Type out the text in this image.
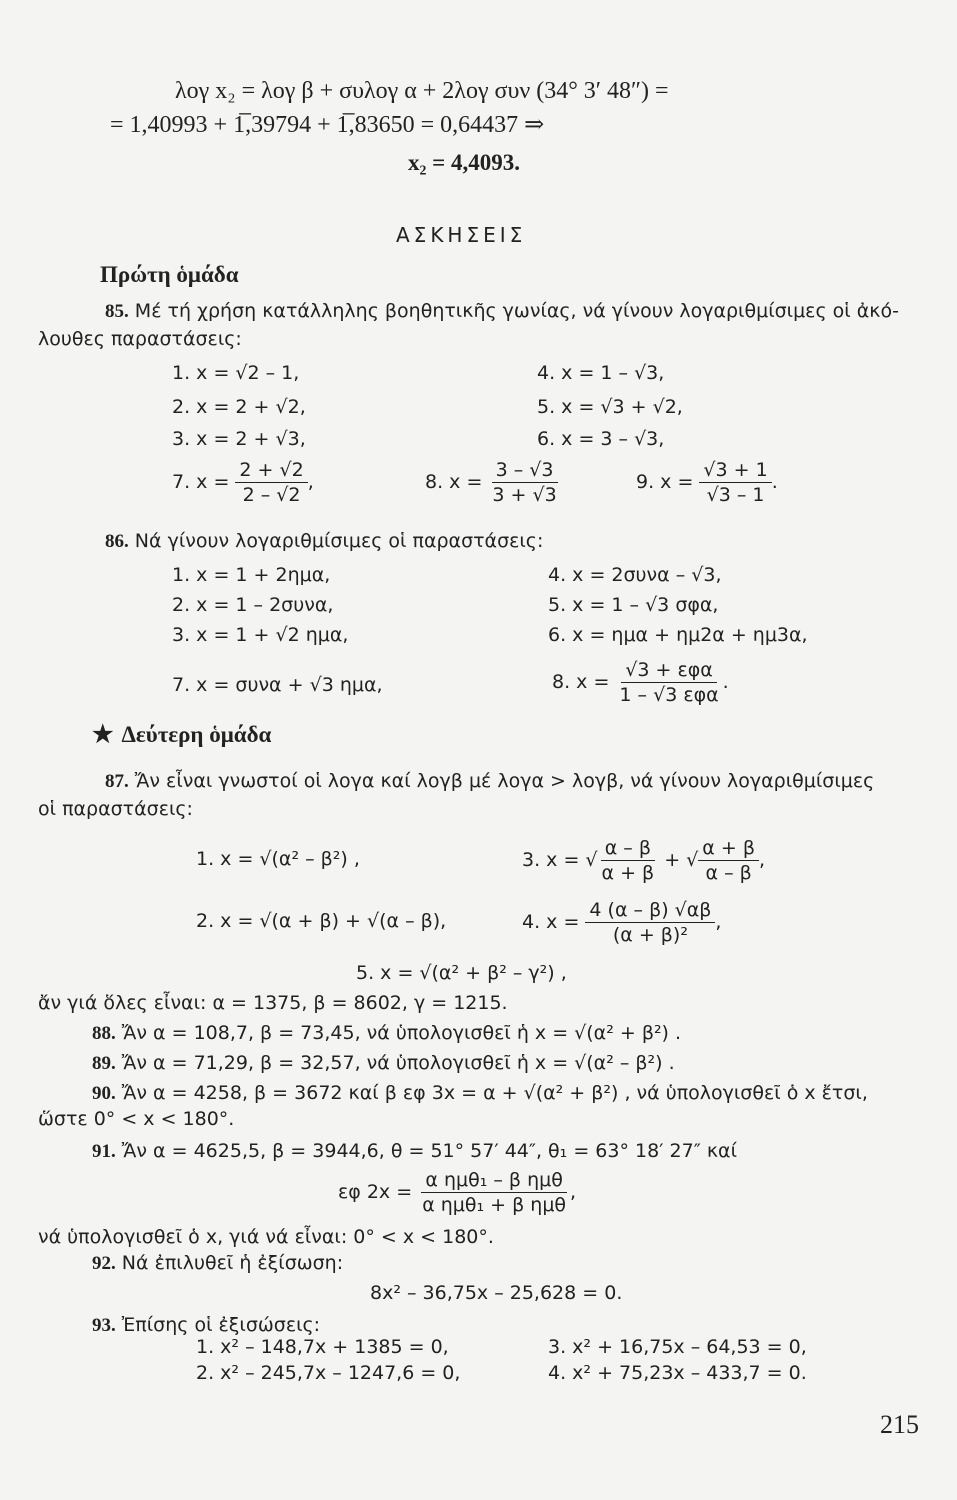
λογ x₂ = λογ β + συλογ α + 2λογ συν (34° 3′ 48″) =
= 1,40993 + 1̅,39794 + 1̅,83650 = 0,64437 ⇒
x₂ = 4,4093.
ΑΣΚΗΣΕΙΣ
Πρώτη ὁμάδα
85. Μέ τή χρήση κατάλληλης βοηθητικῆς γωνίας, νά γίνουν λογαριθμίσιμες οἱ ἀκό-
λουθες παραστάσεις:
1. x = √2 – 1,	4. x = 1 – √3,
2. x = 2 + √2,	5. x = √3 + √2,
3. x = 2 + √3,	6. x = 3 – √3,
7. $x = \frac{2 + √2}{2 - √2}$ ,	8. $x = \frac{3 - √3}{3 + √3}$	9. $x = \frac{√3 + 1}{√3 - 1}$ .
86. Νά γίνουν λογαριθμίσιμες οἱ παραστάσεις:
1. x = 1 + 2ημα,	4. x = 2συνα – √3,
2. x = 1 – 2συνα,	5. x = 1 – √3 σφα,
3. x = 1 + √2 ημα,	6. x = ημα + ημ2α + ημ3α,
7. x = συνα + √3 ημα,	8. $x = \frac{\text{√3 + εφα}}{\text{1 – √3 εφα}}$ .
★ Δεύτερη ὁμάδα
87. Ἄν εἶναι γνωστοί οἱ λογα καί λογβ μέ λογα > λογβ, νά γίνουν λογαριθμίσιμες
οἱ παραστάσεις:
1. x = √(α² – β²) ,	3. x = √ $\frac{\alpha - \beta}{\alpha + \beta}$ + √ $\frac{\alpha + \beta}{\alpha - \beta}$ ,
2. x = √(α + β) + √(α – β),	4. $x = \frac{4 (\alpha - \beta) √\alpha\beta}{\text{(α + β)²}}$ ,
5. x = √(α² + β² – γ²) ,
ἄν γιά ὅλες εἶναι: α = 1375, β = 8602, γ = 1215.
88. Ἄν α = 108,7, β = 73,45, νά ὑπολογισθεῖ ἡ x = √(α² + β²) .
89. Ἄν α = 71,29, β = 32,57, νά ὑπολογισθεῖ ἡ x = √(α² – β²) .
90. Ἄν α = 4258, β = 3672 καί β εφ 3x = α + √(α² + β²) , νά ὑπολογισθεῖ ὁ x ἔτσι,
ὥστε 0° < x < 180°.
91. Ἄν α = 4625,5, β = 3944,6, θ = 51° 57′ 44″, θ₁ = 63° 18′ 27″ καί
εφ $2x = \frac{\text{α ημθ₁ – β ημθ}}{\text{α ημθ₁ + β ημθ}}$ ,
νά ὑπολογισθεῖ ὁ x, γιά νά εἶναι: 0° < x < 180°.
92. Νά ἐπιλυθεῖ ἡ ἐξίσωση:
8x² – 36,75x – 25,628 = 0.
93. Ἐπίσης οἱ ἐξισώσεις:
1. x² – 148,7x + 1385 = 0,	3. x² + 16,75x – 64,53 = 0,
2. x² – 245,7x – 1247,6 = 0,	4. x² + 75,23x – 433,7 = 0.
215
